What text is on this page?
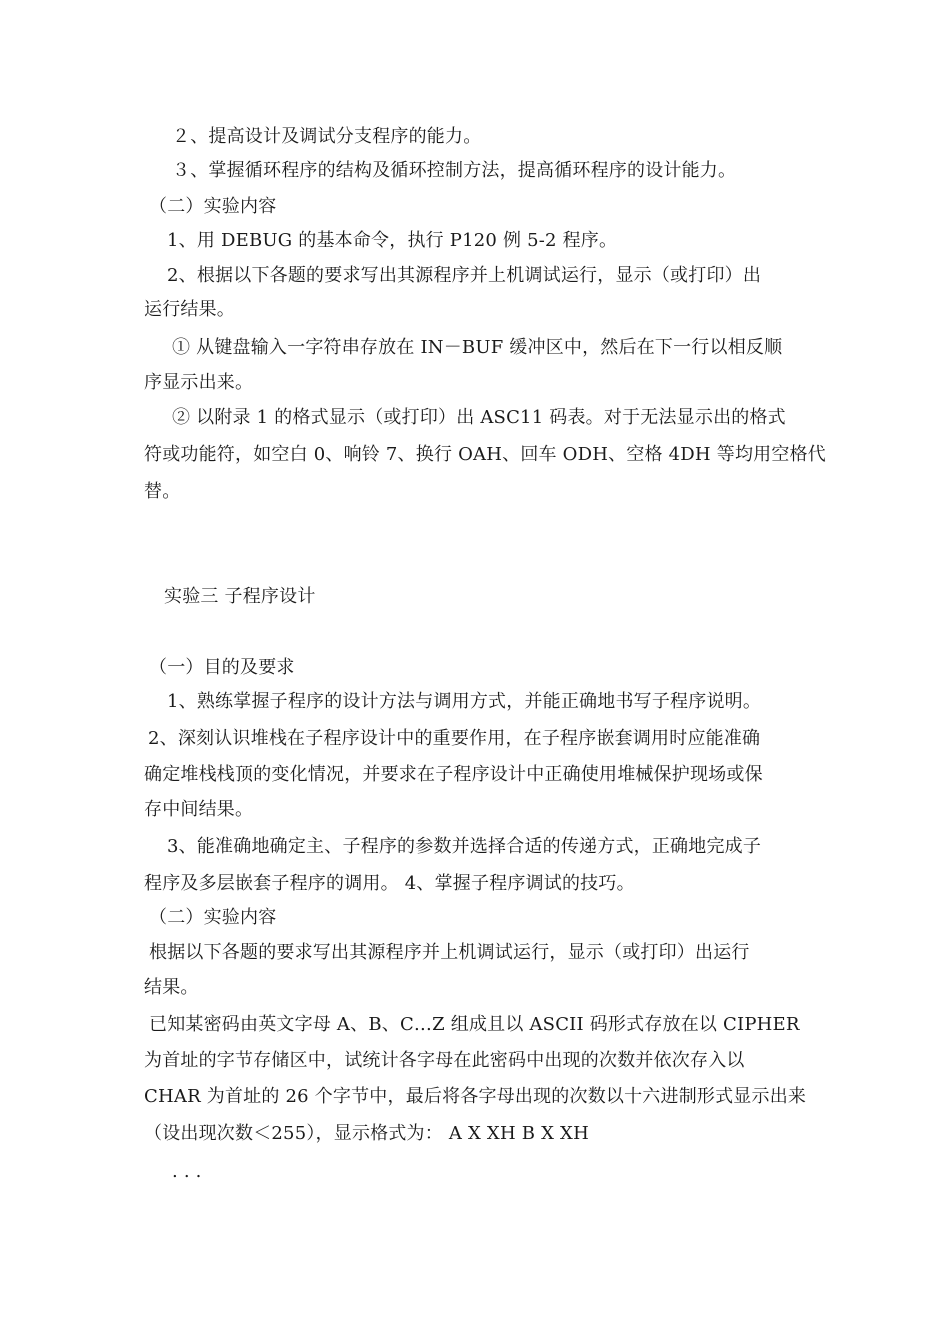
２、提高设计及调试分支程序的能力。
３、掌握循环程序的结构及循环控制方法，提高循环程序的设计能力。
（二）实验内容
1、用 DEBUG 的基本命令，执行 P120 例 5-2 程序。
2、根据以下各题的要求写出其源程序并上机调试运行，显示（或打印）出
运行结果。
① 从键盘输入一字符串存放在 IN－BUF 缓冲区中，然后在下一行以相反顺
序显示出来。
② 以附录 1 的格式显示（或打印）出 ASC11 码表。对于无法显示出的格式
符或功能符，如空白 0、响铃 7、换行 OAH、回车 ODH、空格 4DH 等均用空格代
替。
实验三 子程序设计
（一）目的及要求
1、熟练掌握子程序的设计方法与调用方式，并能正确地书写子程序说明。
2、深刻认识堆栈在子程序设计中的重要作用，在子程序嵌套调用时应能准确
确定堆栈栈顶的变化情况，并要求在子程序设计中正确使用堆械保护现场或保
存中间结果。
3、能准确地确定主、子程序的参数并选择合适的传递方式，正确地完成子
程序及多层嵌套子程序的调用。 4、掌握子程序调试的技巧。
（二）实验内容
根据以下各题的要求写出其源程序并上机调试运行，显示（或打印）出运行
结果。
已知某密码由英文字母 A、B、C…Z 组成且以 ASCII 码形式存放在以 CIPHER
为首址的字节存储区中，试统计各字母在此密码中出现的次数并依次存入以
CHAR 为首址的 26 个字节中，最后将各字母出现的次数以十六进制形式显示出来
（设出现次数＜255），显示格式为： A X XH B X XH
. . .
